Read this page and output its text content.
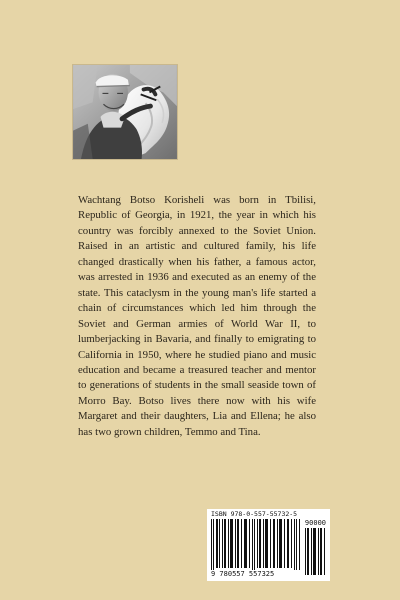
Wachtang Botso Korisheli was born in Tbilisi, Republic of Georgia, in 1921, the year in which his country was forcibly annexed to the Soviet Union. Raised in an artistic and cultured family, his life changed drastically when his father, a famous actor, was arrested in 1936 and executed as an enemy of the state. This cataclysm in the young man's life started a chain of circumstances which led him through the Soviet and German armies of World War II, to lumberjacking in Bavaria, and finally to emigrating to California in 1950, where he studied piano and music education and became a treasured teacher and mentor to generations of students in the small seaside town of Morro Bay. Botso lives there now with his wife Margaret and their daughters, Lia and Ellena; he also has two grown children, Temmo and Tina.

ISBN 978-0-557-55732-5
90000
9 780557 557325
